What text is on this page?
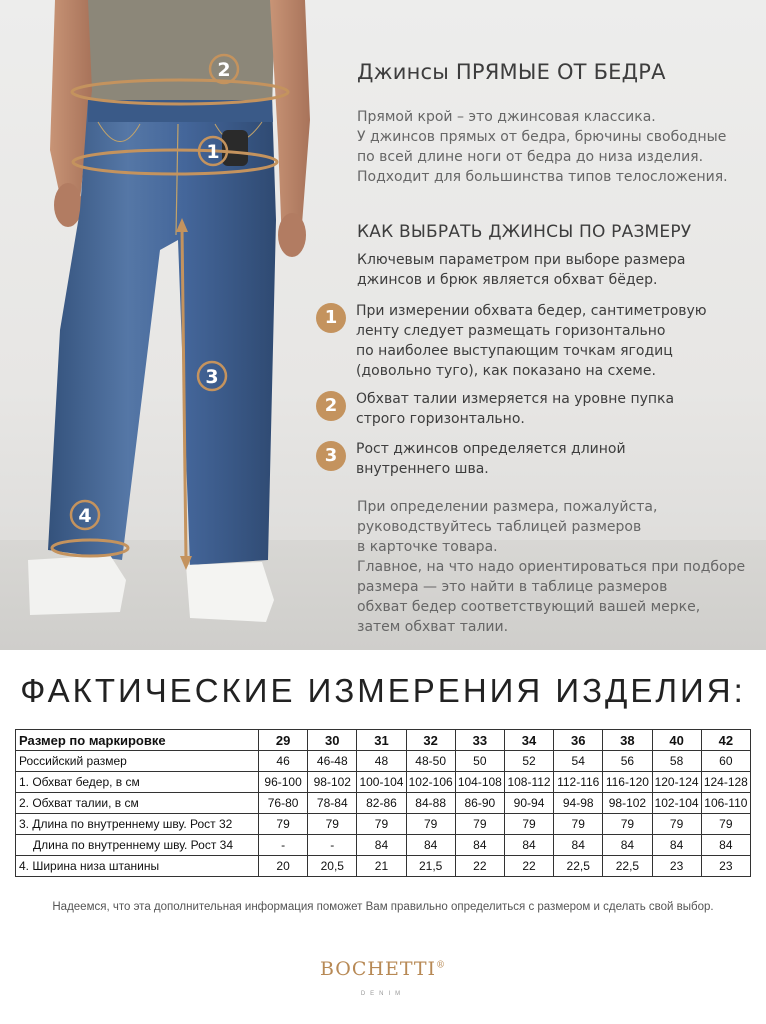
1
2
3
4
Джинсы ПРЯМЫЕ ОТ БЕДРА
Прямой крой – это джинсовая классика.
У джинсов прямых от бедра, брючины свободные
по всей длине ноги от бедра до низа изделия.
Подходит для большинства типов телосложения.
КАК ВЫБРАТЬ ДЖИНСЫ ПО РАЗМЕРУ
Ключевым параметром при выборе размера
джинсов и брюк является обхват бёдер.
1	При измерении обхвата бедер, сантиметровую
ленту следует размещать горизонтально
по наиболее выступающим точкам ягодиц
(довольно туго), как показано на схеме.
2	Обхват талии измеряется на уровне пупка
строго горизонтально.
3	Рост джинсов определяется длиной
внутреннего шва.
При определении размера, пожалуйста,
руководствуйтесь таблицей размеров
в карточке товара.
Главное, на что надо ориентироваться при подборе
размера — это найти в таблице размеров
обхват бедер соответствующий вашей мерке,
затем обхват талии.
ФАКТИЧЕСКИЕ ИЗМЕРЕНИЯ ИЗДЕЛИЯ:
Размер по маркировке	29	30	31	32	33	34	36	38	40	42
Российский размер	46	46-48	48	48-50	50	52	54	56	58	60
1. Обхват бедер, в см	96-100	98-102	100-104	102-106	104-108	108-112	112-116	116-120	120-124	124-128
2. Обхват талии, в см	76-80	78-84	82-86	84-88	86-90	90-94	94-98	98-102	102-104	106-110
3. Длина по внутреннему шву. Рост 32	79	79	79	79	79	79	79	79	79	79
Длина по внутреннему шву. Рост 34	-	-	84	84	84	84	84	84	84	84
4. Ширина низа штанины	20	20,5	21	21,5	22	22	22,5	22,5	23	23
Надеемся, что эта дополнительная информация поможет Вам правильно определиться с размером и сделать свой выбор.
BOCHETTI®
DENIM
